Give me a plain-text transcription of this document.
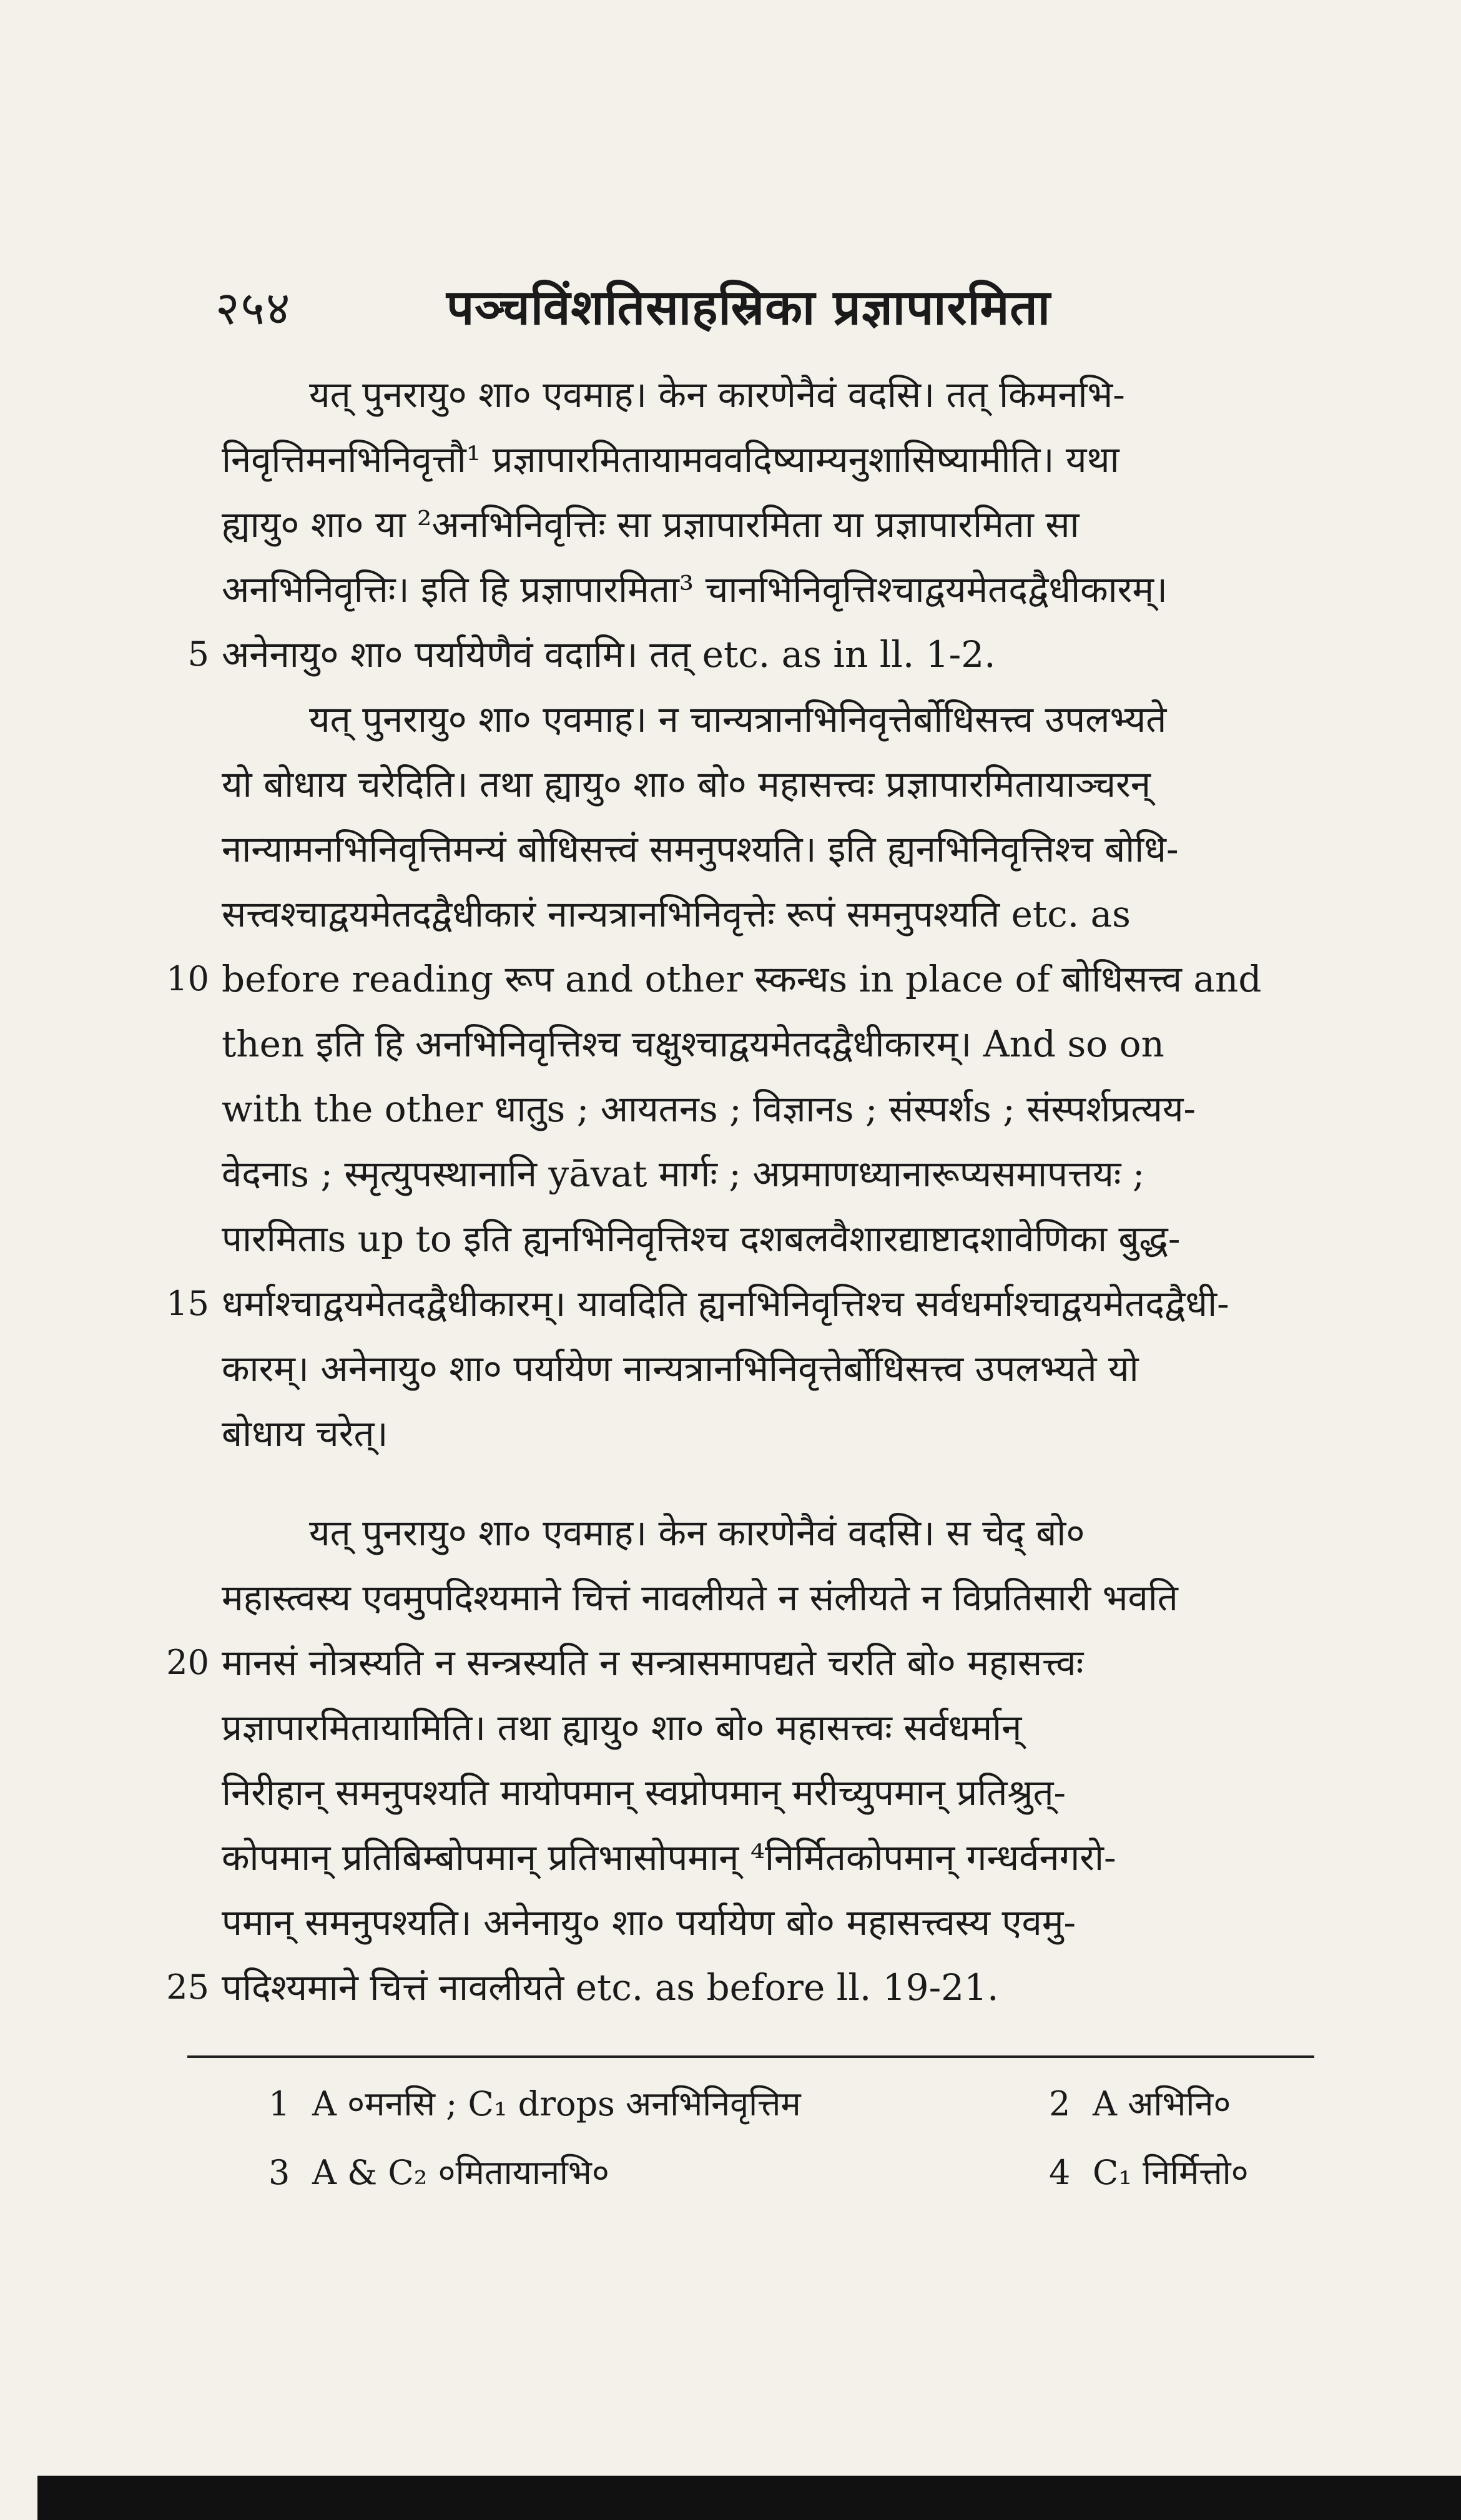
२५४	पञ्चविंशतिसाहस्रिका प्रज्ञापारमिता
यत् पुनरायु० शा० एवमाह। केन कारणेनैवं वदसि। तत् किमनभि-
निवृत्तिमनभिनिवृत्तौ¹ प्रज्ञापारमितायामववदिष्याम्यनुशासिष्यामीति। यथा
ह्यायु० शा० या ²अनभिनिवृत्तिः सा प्रज्ञापारमिता या प्रज्ञापारमिता सा
अनभिनिवृत्तिः। इति हि प्रज्ञापारमिता³ चानभिनिवृत्तिश्चाद्वयमेतदद्वैधीकारम्।
5 अनेनायु० शा० पर्यायेणैवं वदामि। तत् etc. as in ll. 1-2.
यत् पुनरायु० शा० एवमाह। न चान्यत्रानभिनिवृत्तेर्बोधिसत्त्व उपलभ्यते
यो बोधाय चरेदिति। तथा ह्यायु० शा० बो० महासत्त्वः प्रज्ञापारमितायाञ्चरन्
नान्यामनभिनिवृत्तिमन्यं बोधिसत्त्वं समनुपश्यति। इति ह्यनभिनिवृत्तिश्च बोधि-
सत्त्वश्चाद्वयमेतदद्वैधीकारं नान्यत्रानभिनिवृत्तेः रूपं समनुपश्यति etc. as
10 before reading रूप and other स्कन्धs in place of बोधिसत्त्व and
then इति हि अनभिनिवृत्तिश्च चक्षुश्चाद्वयमेतदद्वैधीकारम्। And so on
with the other धातुs ; आयतनs ; विज्ञानs ; संस्पर्शs ; संस्पर्शप्रत्यय-
वेदनाs ; स्मृत्युपस्थानानि yāvat मार्गः ; अप्रमाणध्यानारूप्यसमापत्तयः ;
पारमिताs up to इति ह्यनभिनिवृत्तिश्च दशबलवैशारद्याष्टादशावेणिका बुद्ध-
15 धर्माश्चाद्वयमेतदद्वैधीकारम्। यावदिति ह्यनभिनिवृत्तिश्च सर्वधर्माश्चाद्वयमेतदद्वैधी-
कारम्। अनेनायु० शा० पर्यायेण नान्यत्रानभिनिवृत्तेर्बोधिसत्त्व उपलभ्यते यो
बोधाय चरेत्।
यत् पुनरायु० शा० एवमाह। केन कारणेनैवं वदसि। स चेद् बो०
महास्त्वस्य एवमुपदिश्यमाने चित्तं नावलीयते न संलीयते न विप्रतिसारी भवति
20 मानसं नोत्रस्यति न सन्त्रस्यति न सन्त्रासमापद्यते चरति बो० महासत्त्वः
प्रज्ञापारमितायामिति। तथा ह्यायु० शा० बो० महासत्त्वः सर्वधर्मान्
निरीहान् समनुपश्यति मायोपमान् स्वप्नोपमान् मरीच्युपमान् प्रतिश्रुत्-
कोपमान् प्रतिबिम्बोपमान् प्रतिभासोपमान् ⁴निर्मितकोपमान् गन्धर्वनगरो-
पमान् समनुपश्यति। अनेनायु० शा० पर्यायेण बो० महासत्त्वस्य एवमु-
25 पदिश्यमाने चित्तं नावलीयते etc. as before ll. 19-21.
1 A ०मनसि ; C₁ drops अनभिनिवृत्तिम	2 A अभिनि०
3 A & C₂ ०मितायानभि०	4 C₁ निर्मित्तो०
